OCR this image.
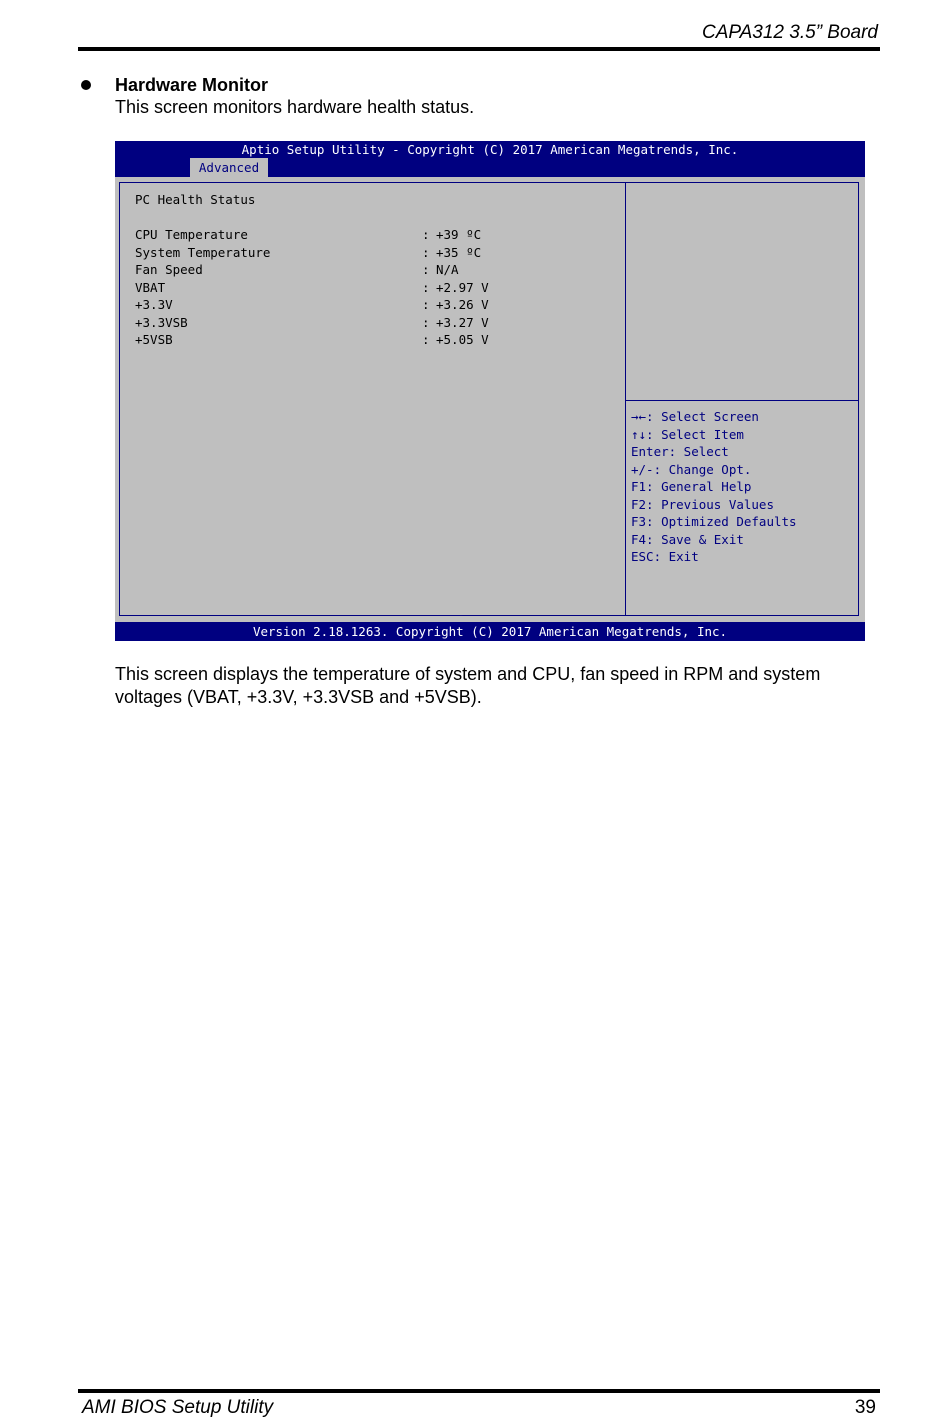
CAPA312 3.5” Board
Hardware Monitor
This screen monitors hardware health status.
Aptio Setup Utility - Copyright (C) 2017 American Megatrends, Inc.
Advanced
PC Health Status
CPU Temperature	: +39 ºC
System Temperature	: +35 ºC
Fan Speed	: N/A
VBAT	: +2.97 V
+3.3V	: +3.26 V
+3.3VSB	: +3.27 V
+5VSB	: +5.05 V
→←: Select Screen
↑↓: Select Item
Enter: Select
+/-: Change Opt.
F1: General Help
F2: Previous Values
F3: Optimized Defaults
F4: Save & Exit
ESC: Exit
Version 2.18.1263. Copyright (C) 2017 American Megatrends, Inc.
This screen displays the temperature of system and CPU, fan speed in RPM and system voltages (VBAT, +3.3V, +3.3VSB and +5VSB).
AMI BIOS Setup Utility	39
